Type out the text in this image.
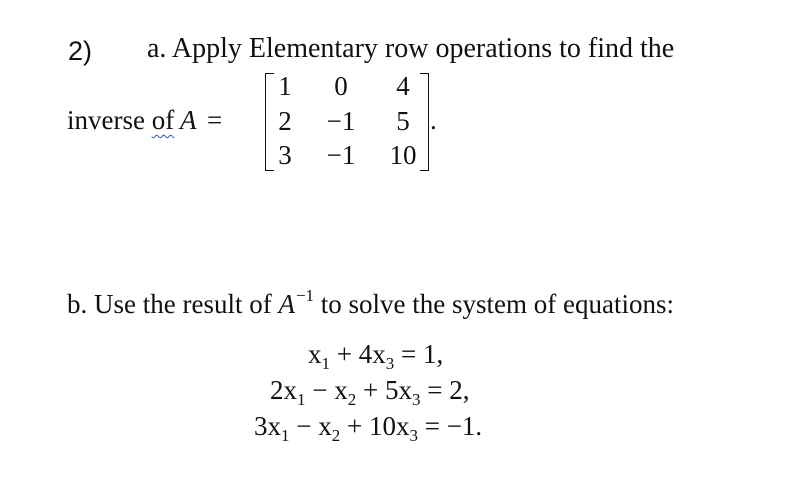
2) a. Apply Elementary row operations to find the
inverse of A =
1	0	4
2	−1	5
3	−1	10
.
b. Use the result of $A^{-1}$ to solve the system of equations:
$x_1 + 4x_3 = 1$,
$2x_1 - x_2 + 5x_3 = 2$,
$3x_1 - x_2 + 10x_3 = -1$.
